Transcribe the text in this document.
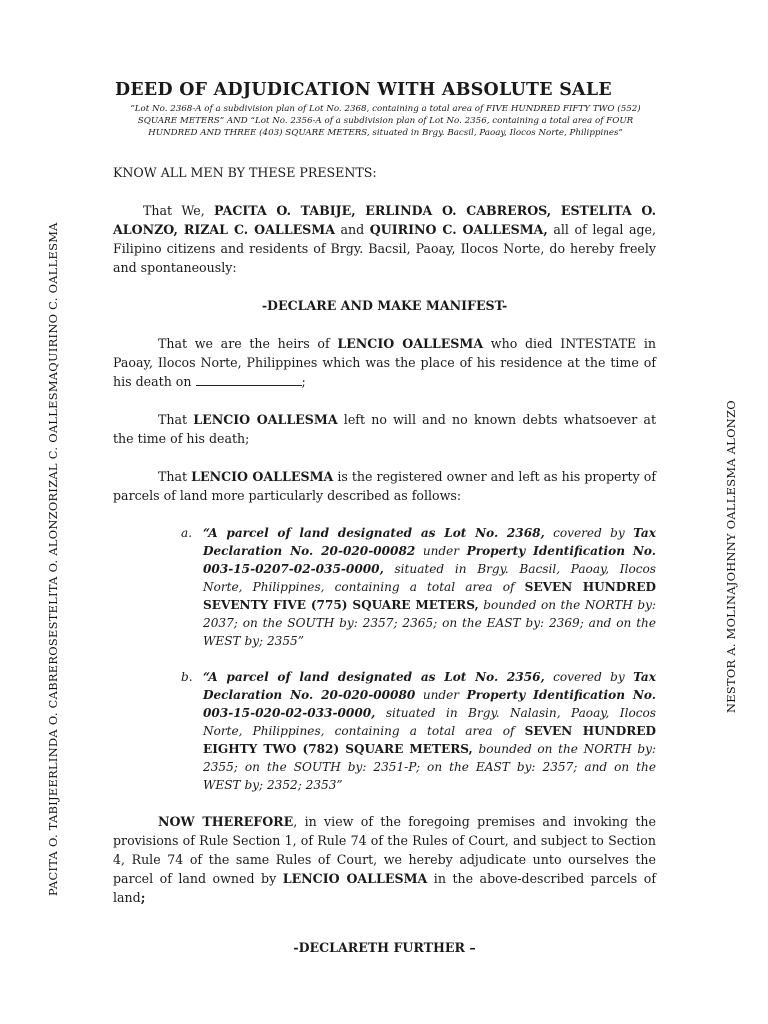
PACITA O. TABIJEERLINDA O. CABREROSESTELITA O. ALONZORIZAL C. OALLESMAQUIRINO C. OALLESMA	NESTOR A. MOLINAJOHNNY OALLESMA ALONZO
DEED OF ADJUDICATION WITH ABSOLUTE SALE
“Lot No. 2368-A of a subdivision plan of Lot No. 2368, containing a total area of FIVE HUNDRED FIFTY TWO (552) SQUARE METERS” AND “Lot No. 2356-A of a subdivision plan of Lot No. 2356, containing a total area of FOUR HUNDRED AND THREE (403) SQUARE METERS, situated in Brgy. Bacsil, Paoay, Ilocos Norte, Philippines”

KNOW ALL MEN BY THESE PRESENTS:

That We, PACITA O. TABIJE, ERLINDA O. CABREROS, ESTELITA O. ALONZO, RIZAL C. OALLESMA and QUIRINO C. OALLESMA, all of legal age, Filipino citizens and residents of Brgy. Bacsil, Paoay, Ilocos Norte, do hereby freely and spontaneously:

-DECLARE AND MAKE MANIFEST-

That we are the heirs of LENCIO OALLESMA who died INTESTATE in Paoay, Ilocos Norte, Philippines which was the place of his residence at the time of his death on	;

That LENCIO OALLESMA left no will and no known debts whatsoever at the time of his death;

That LENCIO OALLESMA is the registered owner and left as his property of parcels of land more particularly described as follows:

a. “A parcel of land designated as Lot No. 2368, covered by Tax Declaration No. 20-020-00082 under Property Identification No. 003-15-0207-02-035-0000, situated in Brgy. Bacsil, Paoay, Ilocos Norte, Philippines, containing a total area of SEVEN HUNDRED SEVENTY FIVE (775) SQUARE METERS, bounded on the NORTH by: 2037; on the SOUTH by: 2357; 2365; on the EAST by: 2369; and on the WEST by; 2355”
b. “A parcel of land designated as Lot No. 2356, covered by Tax Declaration No. 20-020-00080 under Property Identification No. 003-15-020-02-033-0000, situated in Brgy. Nalasin, Paoay, Ilocos Norte, Philippines, containing a total area of SEVEN HUNDRED EIGHTY TWO (782) SQUARE METERS, bounded on the NORTH by: 2355; on the SOUTH by: 2351-P; on the EAST by: 2357; and on the WEST by; 2352; 2353”

NOW THEREFORE, in view of the foregoing premises and invoking the provisions of Rule Section 1, of Rule 74 of the Rules of Court, and subject to Section 4, Rule 74 of the same Rules of Court, we hereby adjudicate unto ourselves the parcel of land owned by LENCIO OALLESMA in the above-described parcels of land;

-DECLARETH FURTHER –
